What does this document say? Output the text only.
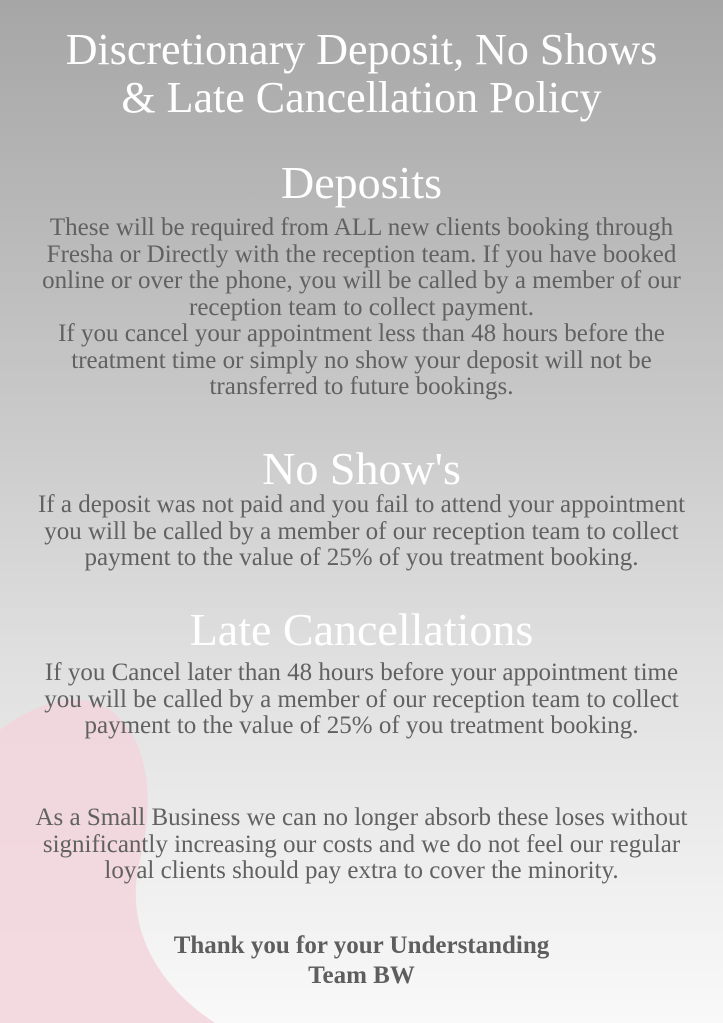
Discretionary Deposit, No Shows
& Late Cancellation Policy
Deposits

These will be required from ALL new clients booking through Fresha or Directly with the reception team. If you have booked online or over the phone, you will be called by a member of our reception team to collect payment.

If you cancel your appointment less than 48 hours before the treatment time or simply no show your deposit will not be transferred to future bookings.

No Show's

If a deposit was not paid and you fail to attend your appointment you will be called by a member of our reception team to collect payment to the value of 25% of you treatment booking.

Late Cancellations

If you Cancel later than 48 hours before your appointment time you will be called by a member of our reception team to collect payment to the value of 25% of you treatment booking.

As a Small Business we can no longer absorb these loses without significantly increasing our costs and we do not feel our regular loyal clients should pay extra to cover the minority.

Thank you for your Understanding
Team BW
